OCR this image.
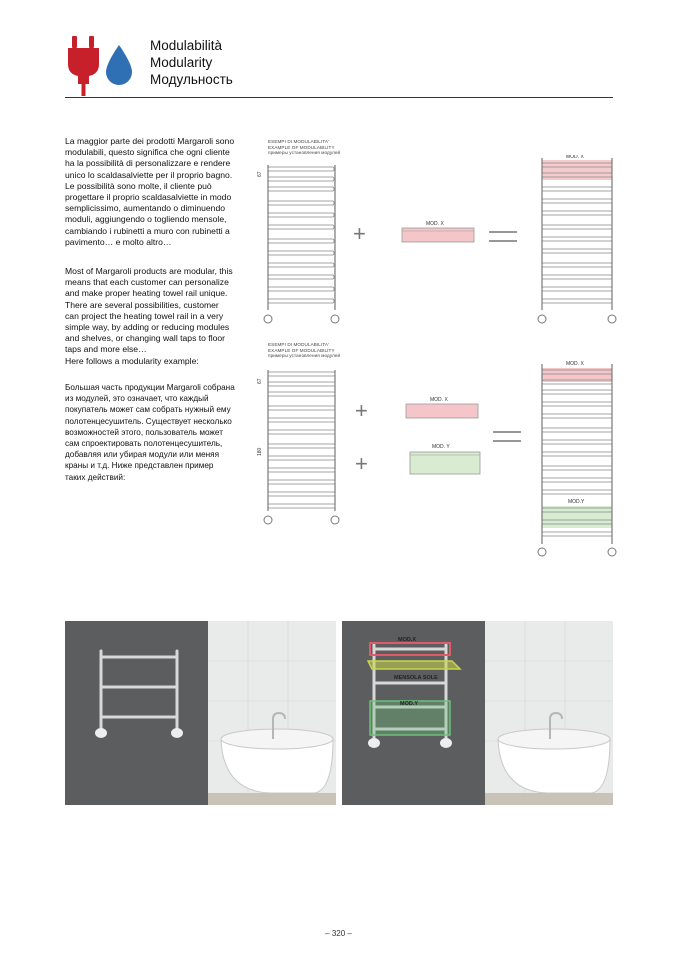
Modulabilità
Modularity
Модульность
La maggior parte dei prodotti Margaroli sono modulabili, questo significa che ogni cliente ha la possibilità di personalizzare e rendere unico lo scaldasalviette per il proprio bagno. Le possibilità sono molte, il cliente può progettare il proprio scaldasalviette in modo semplicissimo, aumentando o diminuendo moduli, aggiungendo o togliendo mensole, cambiando i rubinetti a muro con rubinetti a pavimento… e molto altro…
Most of Margaroli products are modular, this means that each customer can personalize and make proper heating towel rail unique. There are several possibilities, customer can project the heating towel rail in a very simple way, by adding or reducing modules and shelves, or changing wall taps to floor taps and more else…
Here follows a modularity example:
Большая часть продукции Margaroli собрана из модулей, это означает, что каждый покупатель может сам собрать нужный ему полотенцесушитель. Существует несколько возможностей этого, пользователь может сам спроектировать полотенцесушитель, добавляя или убирая модули или меняя краны и т.д. Ниже представлен пример таких действий:
ESEMPI DI MODULABILITA'
EXAMPLE OF MODULABILITY
примеры установления модулей
67
+	MOD. X
MOD. X
ESEMPI DI MODULABILITA'
EXAMPLE OF MODULABILITY
примеры установления модулей
67
180
+
+
MOD. X
MOD. Y
MOD. X
MOD.Y
MOD.X
MENSOLA SOLE
MOD.Y
– 320 –
